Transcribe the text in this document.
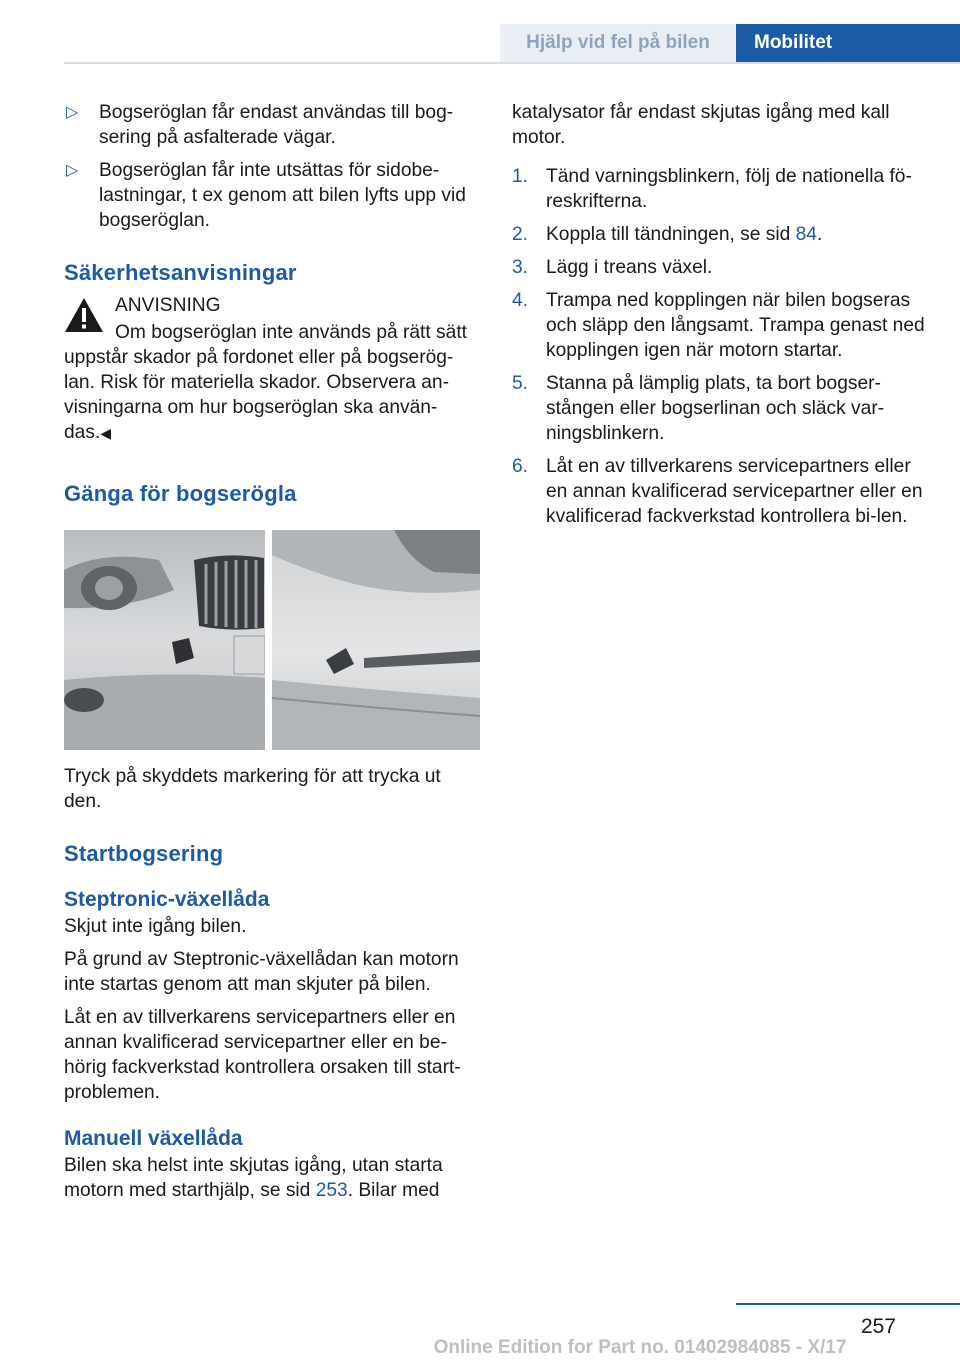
Hjälp vid fel på bilen	Mobilitet
▷ Bogseröglan får endast användas till bog-sering på asfalterade vägar.
▷ Bogseröglan får inte utsättas för sidobe-lastningar, t ex genom att bilen lyfts upp vid bogseröglan.
Säkerhetsanvisningar
ANVISNING
Om bogseröglan inte används på rätt sätt
uppstår skador på fordonet eller på bogserög-lan. Risk för materiella skador. Observera an-visningarna om hur bogseröglan ska använ-das.◀
Gänga för bogserögla

Tryck på skyddets markering för att trycka ut den.

Startbogsering
Steptronic-växellåda

Skjut inte igång bilen.

På grund av Steptronic-växellådan kan motorn inte startas genom att man skjuter på bilen.

Låt en av tillverkarens servicepartners eller en annan kvalificerad servicepartner eller en be-hörig fackverkstad kontrollera orsaken till start-problemen.

Manuell växellåda

Bilen ska helst inte skjutas igång, utan starta motorn med starthjälp, se sid 253. Bilar med

katalysator får endast skjutas igång med kall motor.

1. Tänd varningsblinkern, följ de nationella fö-reskrifterna.
2. Koppla till tändningen, se sid 84.
3. Lägg i treans växel.
4. Trampa ned kopplingen när bilen bogseras och släpp den långsamt. Trampa genast ned kopplingen igen när motorn startar.
5. Stanna på lämplig plats, ta bort bogser-stången eller bogserlinan och släck var-ningsblinkern.
6. Låt en av tillverkarens servicepartners eller en annan kvalificerad servicepartner eller en kvalificerad fackverkstad kontrollera bi-len.
257
Online Edition for Part no. 01402984085 - X/17
